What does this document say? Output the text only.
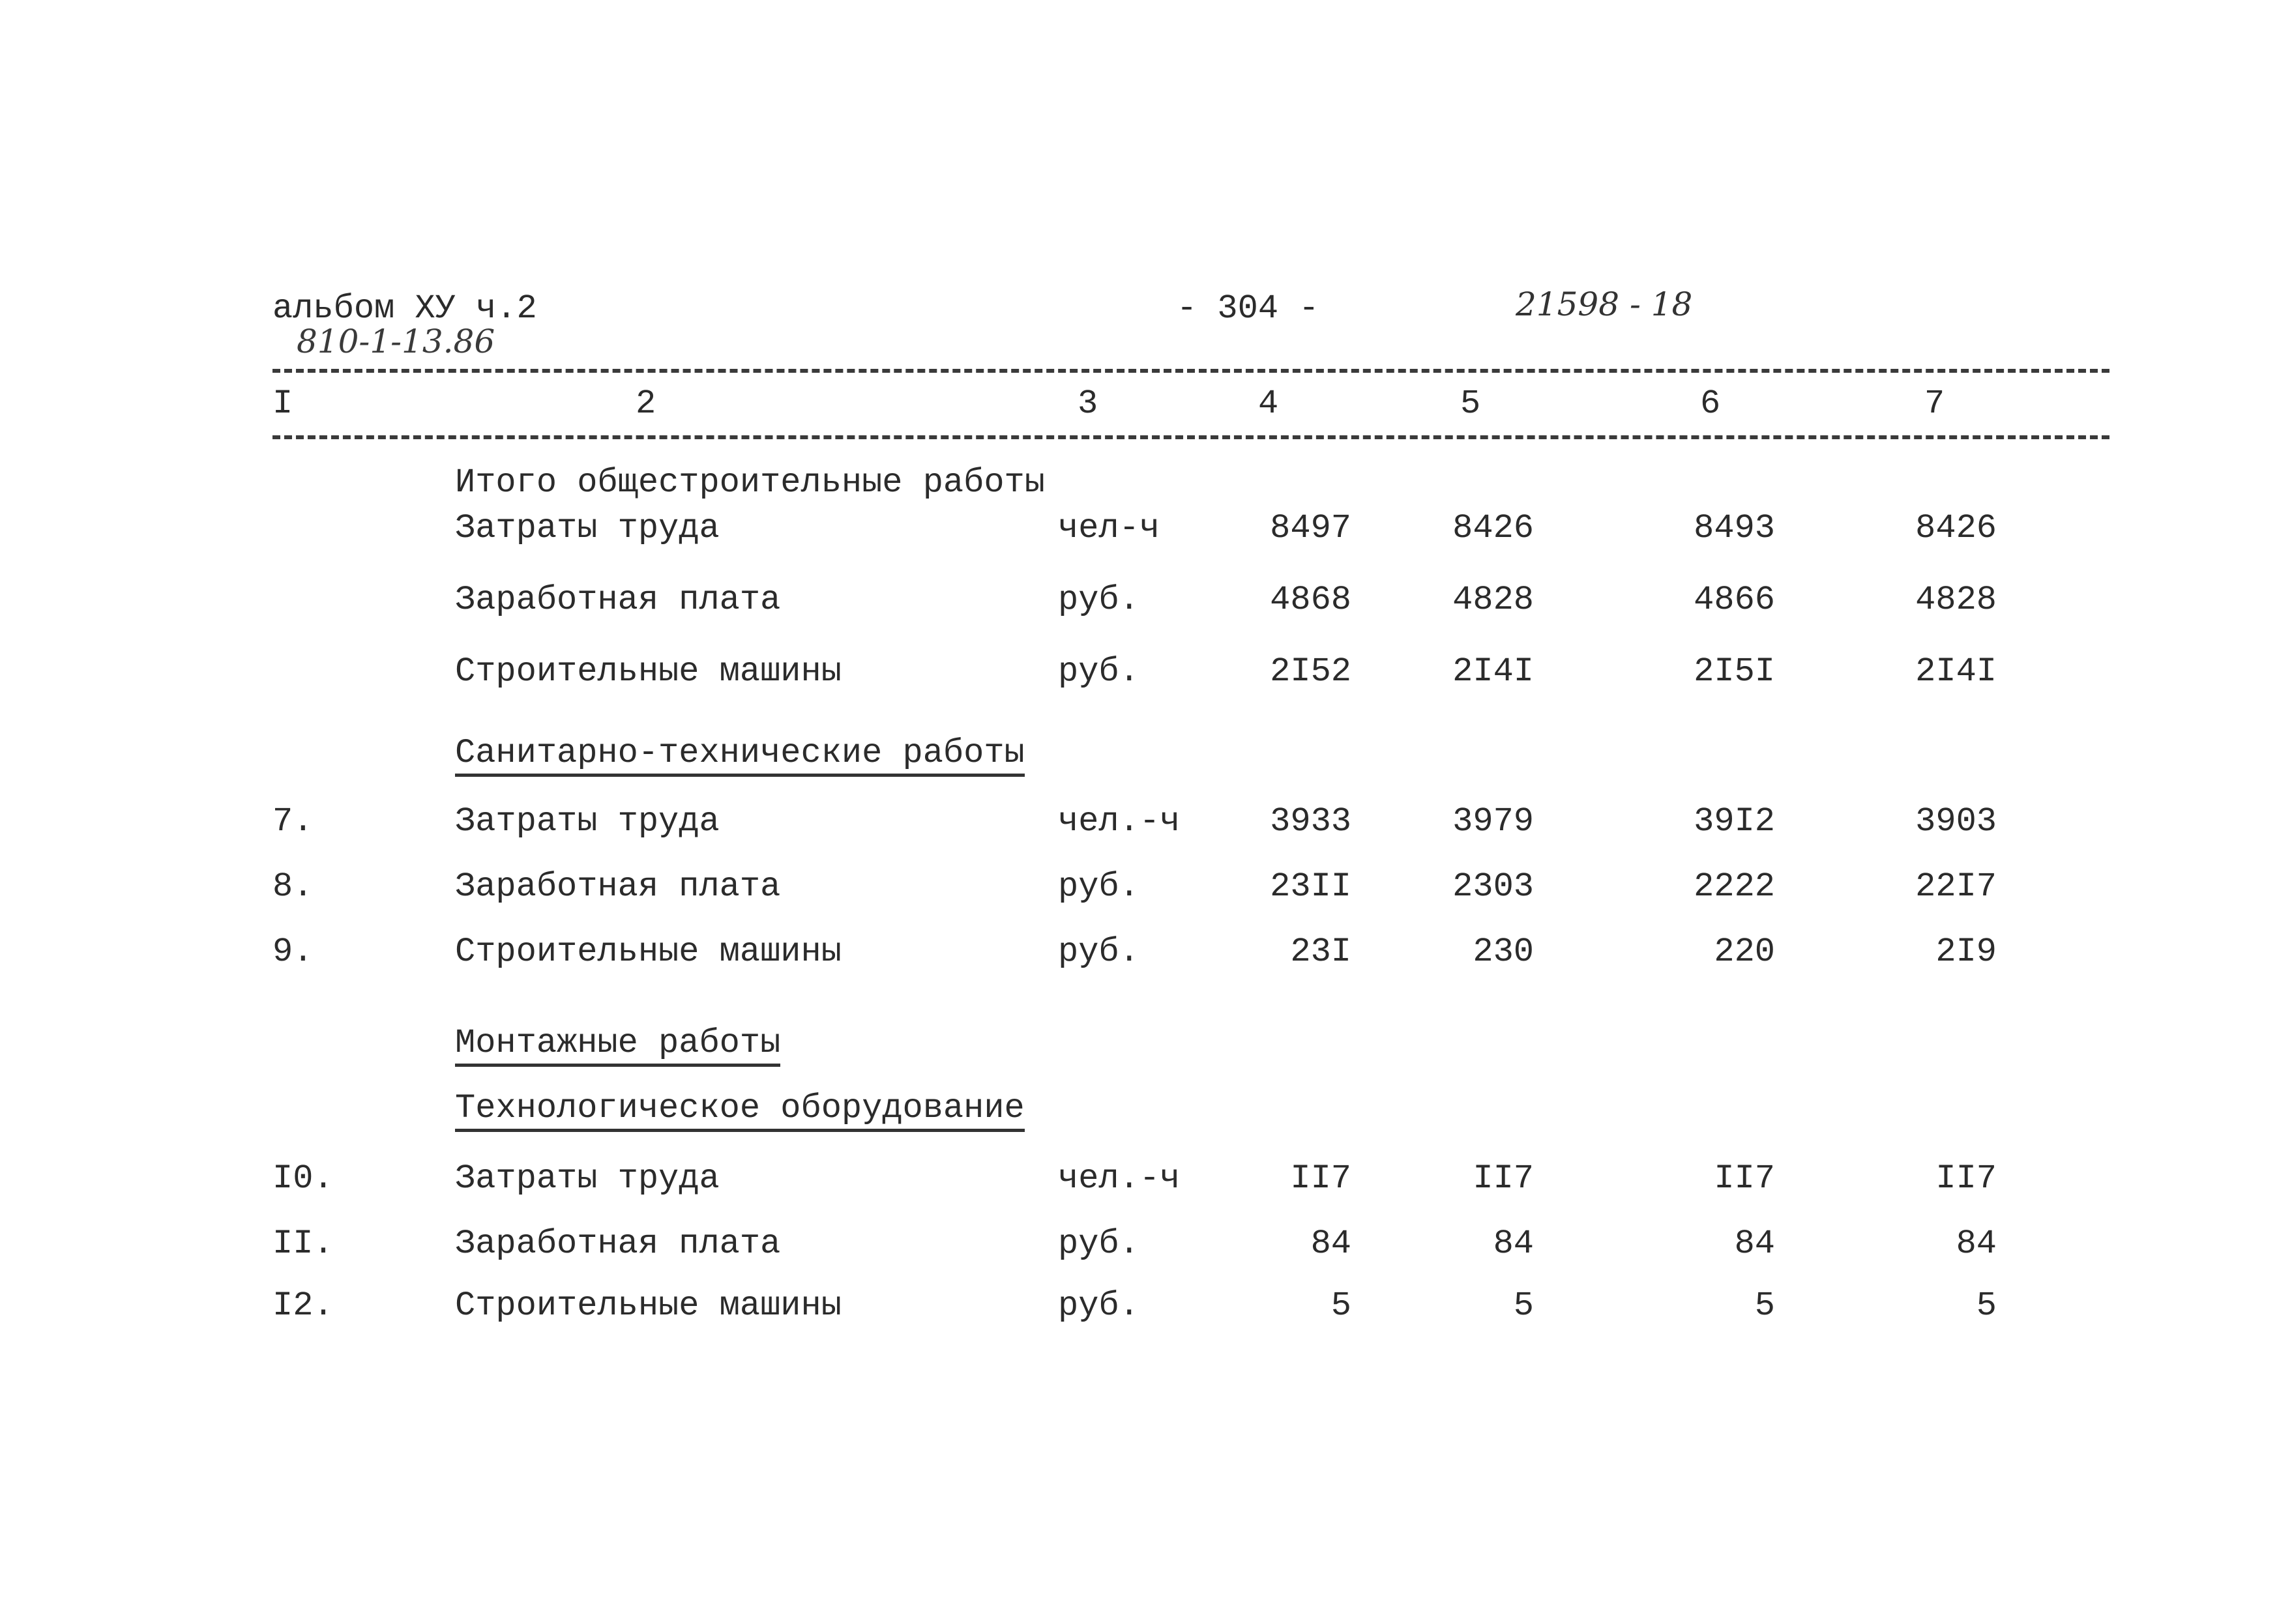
альбом ХУ ч.2
810-1-13.86
- 304 -	21598 - 18
I	2	3	4	5	6	7
	Итого общестроительные работы						
	Затраты труда	чел-ч	8497	8426	8493	8426	
	Заработная плата	руб.	4868	4828	4866	4828	
	Строительные машины	руб.	2I52	2I4I	2I5I	2I4I	
	Санитарно-технические работы						
7.	Затраты труда	чел.-ч	3933	3979	39I2	3903	
8.	Заработная плата	руб.	23II	2303	2222	22I7	
9.	Строительные машины	руб.	23I	230	220	2I9	
	Монтажные работы						
	Технологическое оборудование						
I0.	Затраты труда	чел.-ч	II7	II7	II7	II7	
II.	Заработная плата	руб.	84	84	84	84	
I2.	Строительные машины	руб.	5	5	5	5	
